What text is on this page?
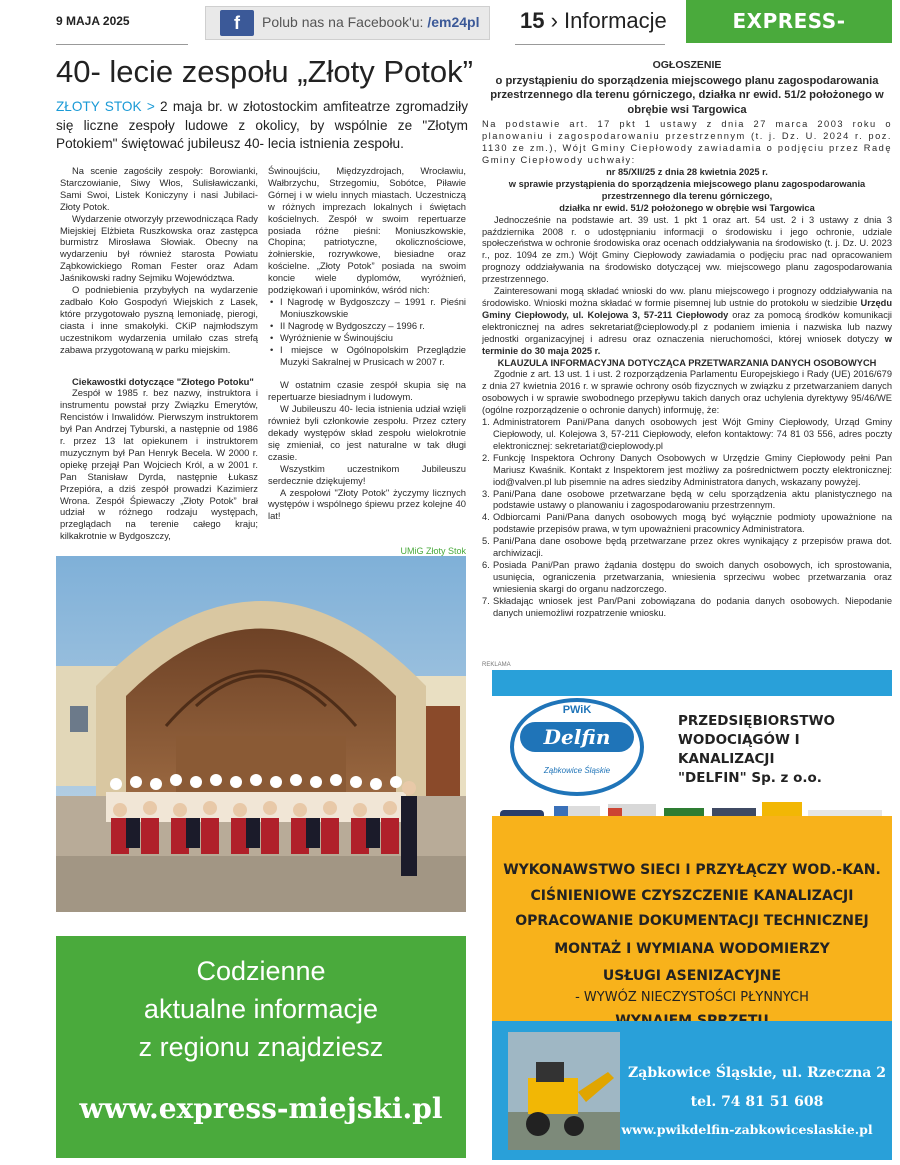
9 MAJA 2025	f	Polub nas na Facebook'u: /em24pl 15 › Informacje	EXPRESS-MIEJSKI.PL
40- lecie zespołu „Złoty Potok”
ZŁOTY STOK > 2 maja br. w złotostockim amfiteatrze zgromadziły się liczne zespoły ludowe z okolicy, by wspólnie ze "Złotym Potokiem" świętować jubileusz 40- lecia istnienia zespołu.

Na scenie zagościły zespoły: Borowianki, Starczowianie, Siwy Włos, Sulisławiczanki, Sami Swoi, Listek Koniczyny i nasi Jubilaci- Złoty Potok.

Wydarzenie otworzyły przewodnicząca Rady Miejskiej Elżbieta Ruszkowska oraz zastępca burmistrz Mirosława Słowiak. Obecny na wydarzeniu był również starosta Powiatu Ząbkowickiego Roman Fester oraz Adam Jaśnikowski radny Sejmiku Województwa.

O podniebienia przybyłych na wydarzenie zadbało Koło Gospodyń Wiejskich z Lasek, które przygotowało pyszną lemoniadę, pierogi, ciasta i inne smakołyki. CKiP najmłodszym uczestnikom wydarzenia umilało czas strefą zabawa przygotowaną w parku miejskim.

Ciekawostki dotyczące "Złotego Potoku"

Zespół w 1985 r. bez nazwy, instruktora i instrumentu powstał przy Związku Emerytów, Rencistów i Inwalidów. Pierwszym instruktorem był Pan Andrzej Tyburski, a następnie od 1986 r. przez 13 lat opiekunem i instruktorem muzycznym był Pan Henryk Becela. W 2000 r. opiekę przejął Pan Wojciech Król, a w 2001 r. Pan Stanisław Dyrda, następnie Łukasz Przepióra, a dziś zespół prowadzi Kazimierz Wrona. Zespół Śpiewaczy „Złoty Potok” brał udział w różnego rodzaju występach, przeglądach na terenie całego kraju; kilkakrotnie w Bydgoszczy,

Świnoujściu, Międzyzdrojach, Wrocławiu, Wałbrzychu, Strzegomiu, Sobótce, Piławie Górnej i w wielu innych miastach. Uczestniczą w różnych imprezach lokalnych i świętach kościelnych. Zespół w swoim repertuarze posiada różne pieśni: Moniuszkowskie, Chopina; patriotyczne, okolicznościowe, żołnierskie, rozrywkowe, biesiadne oraz kościelne. „Złoty Potok” posiada na swoim koncie wiele dyplomów, wyróżnień, podziękowań i upominków, wśród nich:

• I Nagrodę w Bydgoszczy – 1991 r. Pieśni Moniuszkowskie
• II Nagrodę w Bydgoszczy – 1996 r.
• Wyróżnienie w Świnoujściu
• I miejsce w Ogólnopolskim Przeglądzie Muzyki Sakralnej w Prusicach w 2007 r.

W ostatnim czasie zespół skupia się na repertuarze biesiadnym i ludowym.

W Jubileuszu 40- lecia istnienia udział wzięli również byli członkowie zespołu. Przez cztery dekady występów skład zespołu wielokrotnie się zmieniał, co jest naturalne w tak długi czasie.

Wszystkim uczestnikom Jubileuszu serdecznie dziękujemy!

A zespołowi "Złoty Potok" życzymy licznych występów i wspólnego śpiewu przez kolejne 40 lat!

UMiG Złoty Stok
Codzienne
aktualne informacje
z regionu znajdziesz
www.express-miejski.pl
OGŁOSZENIE
o przystąpieniu do sporządzenia miejscowego planu zagospodarowania przestrzennego dla terenu górniczego, działka nr ewid. 51/2 położonego w obrębie wsi Targowica

Na podstawie art. 17 pkt 1 ustawy z dnia 27 marca 2003 roku o planowaniu i zagospodarowaniu przestrzennym (t. j. Dz. U. 2024 r. poz. 1130 ze zm.), Wójt Gminy Ciepłowody zawiadamia o podjęciu przez Radę Gminy Ciepłowody uchwały:

nr 85/XII/25 z dnia 28 kwietnia 2025 r.
w sprawie przystąpienia do sporządzenia miejscowego planu zagospodarowania przestrzennego dla terenu górniczego,
działka nr ewid. 51/2 położonego w obrębie wsi Targowica

Jednocześnie na podstawie art. 39 ust. 1 pkt 1 oraz art. 54 ust. 2 i 3 ustawy z dnia 3 października 2008 r. o udostępnianiu informacji o środowisku i jego ochronie, udziale społeczeństwa w ochronie środowiska oraz ocenach oddziaływania na środowisko (t. j. Dz. U. 2023 r., poz. 1094 ze zm.) Wójt Gminy Ciepłowody zawiadamia o podjęciu prac nad opracowaniem prognozy oddziaływania na środowisko dotyczącej ww. miejscowego planu zagospodarowania przestrzennego.

Zainteresowani mogą składać wnioski do ww. planu miejscowego i prognozy oddziaływania na środowisko. Wnioski można składać w formie pisemnej lub ustnie do protokołu w siedzibie Urzędu Gminy Ciepłowody, ul. Kolejowa 3, 57-211 Ciepłowody oraz za pomocą środków komunikacji elektronicznej na adres sekretariat@cieplowody.pl z podaniem imienia i nazwiska lub nazwy jednostki organizacyjnej i adresu oraz oznaczenia nieruchomości, której wniosek dotyczy w terminie do 30 maja 2025 r.

KLAUZULA INFORMACYJNA DOTYCZĄCA PRZETWARZANIA DANYCH OSOBOWYCH

Zgodnie z art. 13 ust. 1 i ust. 2 rozporządzenia Parlamentu Europejskiego i Rady (UE) 2016/679 z dnia 27 kwietnia 2016 r. w sprawie ochrony osób fizycznych w związku z przetwarzaniem danych osobowych i w sprawie swobodnego przepływu takich danych oraz uchylenia dyrektywy 95/46/WE (ogólne rozporządzenie o ochronie danych) informuję, że:

1. Administratorem Pani/Pana danych osobowych jest Wójt Gminy Ciepłowody, Urząd Gminy Ciepłowody, ul. Kolejowa 3, 57-211 Ciepłowody, elefon kontaktowy: 74 81 03 556, adres poczty elektronicznej: sekretariat@cieplowody.pl
2. Funkcję Inspektora Ochrony Danych Osobowych w Urzędzie Gminy Ciepłowody pełni Pan Mariusz Kwaśnik. Kontakt z Inspektorem jest możliwy za pośrednictwem poczty elektronicznej: iod@valven.pl lub pisemnie na adres siedziby Administratora danych, wskazany powyżej.
3. Pani/Pana dane osobowe przetwarzane będą w celu sporządzenia aktu planistycznego na podstawie ustawy o planowaniu i zagospodarowaniu przestrzennym.
4. Odbiorcami Pani/Pana danych osobowych mogą być wyłącznie podmioty upoważnione na podstawie przepisów prawa, w tym upoważnieni pracownicy Administratora.
5. Pani/Pana dane osobowe będą przetwarzane przez okres wynikający z przepisów prawa dot. archiwizacji.
6. Posiada Pani/Pan prawo żądania dostępu do swoich danych osobowych, ich sprostowania, usunięcia, ograniczenia przetwarzania, wniesienia sprzeciwu wobec przetwarzania oraz wniesienia skargi do organu nadzorczego.
7. Składając wniosek jest Pan/Pani zobowiązana do podania danych osobowych. Niepodanie danych uniemożliwi rozpatrzenie wniosku.
REKLAMA
PWiK
Delfin
Ząbkowice Śląskie
PRZEDSIĘBIORSTWO
WODOCIĄGÓW I KANALIZACJI
"DELFIN" Sp. z o.o.
WYKONAWSTWO SIECI I PRZYŁĄCZY WOD.-KAN.
CIŚNIENIOWE CZYSZCZENIE KANALIZACJI
OPRACOWANIE DOKUMENTACJI TECHNICZNEJ
MONTAŻ I WYMIANA WODOMIERZY
USŁUGI ASENIZACYJNE
- WYWÓZ NIECZYSTOŚCI PŁYNNYCH
Ząbkowice Śląskie, ul. Rzeczna 2
tel. 74 81 51 608
www.pwikdelfin-zabkowiceslaskie.pl
